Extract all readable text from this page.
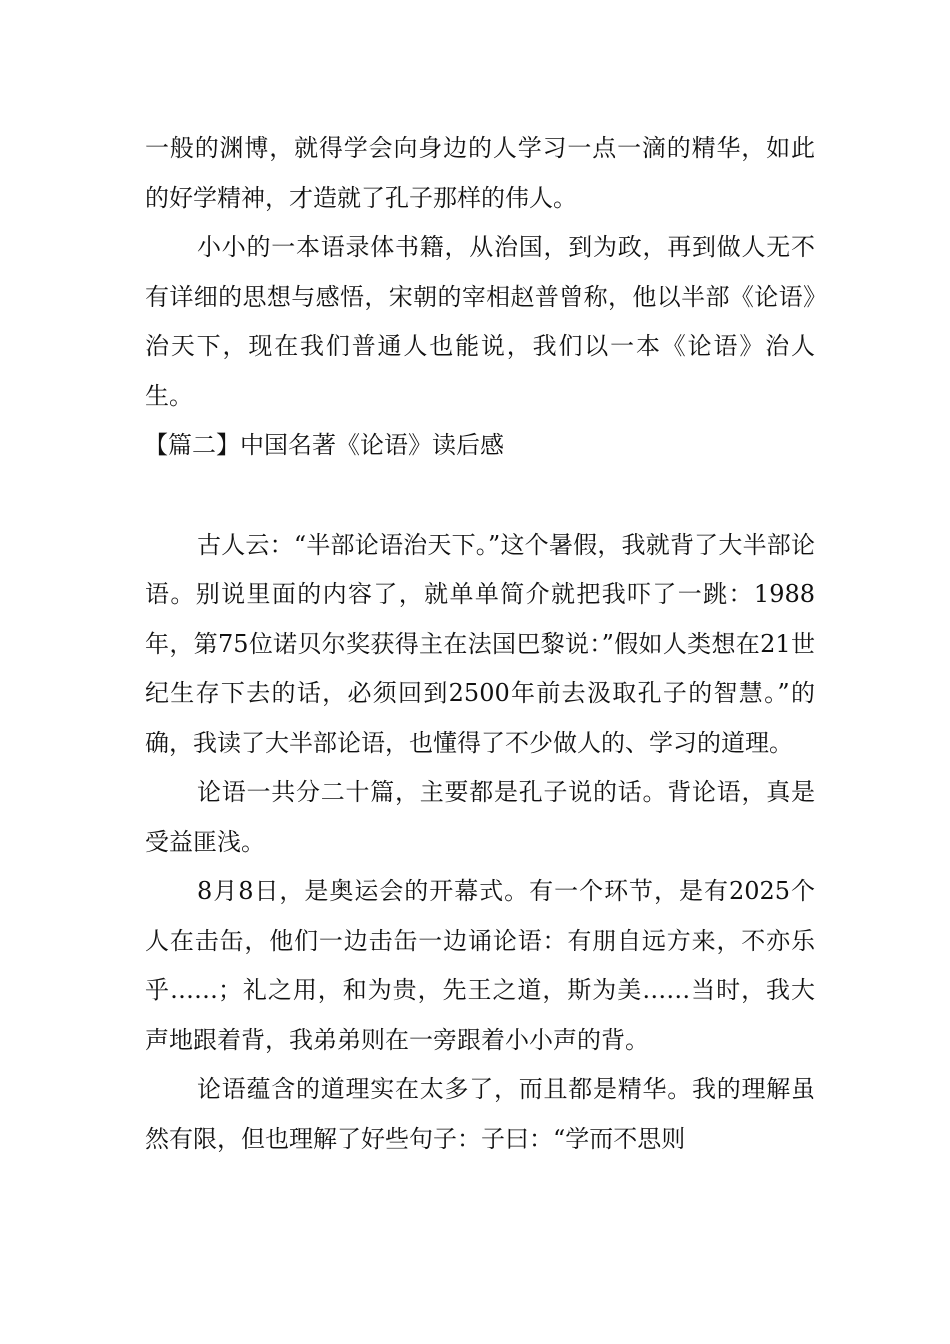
一般的渊博，就得学会向身边的人学习一点一滴的精华，如此的好学精神，才造就了孔子那样的伟人。

小小的一本语录体书籍，从治国，到为政，再到做人无不有详细的思想与感悟，宋朝的宰相赵普曾称，他以半部《论语》治天下，现在我们普通人也能说，我们以一本《论语》治人生。

【篇二】中国名著《论语》读后感

古人云：“半部论语治天下。”这个暑假，我就背了大半部论语。别说里面的内容了，就单单简介就把我吓了一跳：1988年，第75位诺贝尔奖获得主在法国巴黎说：”假如人类想在21世纪生存下去的话，必须回到2500年前去汲取孔子的智慧。”的确，我读了大半部论语，也懂得了不少做人的、学习的道理。

论语一共分二十篇，主要都是孔子说的话。背论语，真是受益匪浅。

8月8日，是奥运会的开幕式。有一个环节，是有2025个人在击缶，他们一边击缶一边诵论语：有朋自远方来，不亦乐乎……；礼之用，和为贵，先王之道，斯为美……当时，我大声地跟着背，我弟弟则在一旁跟着小小声的背。

论语蕴含的道理实在太多了，而且都是精华。我的理解虽然有限，但也理解了好些句子：子曰：“学而不思则
